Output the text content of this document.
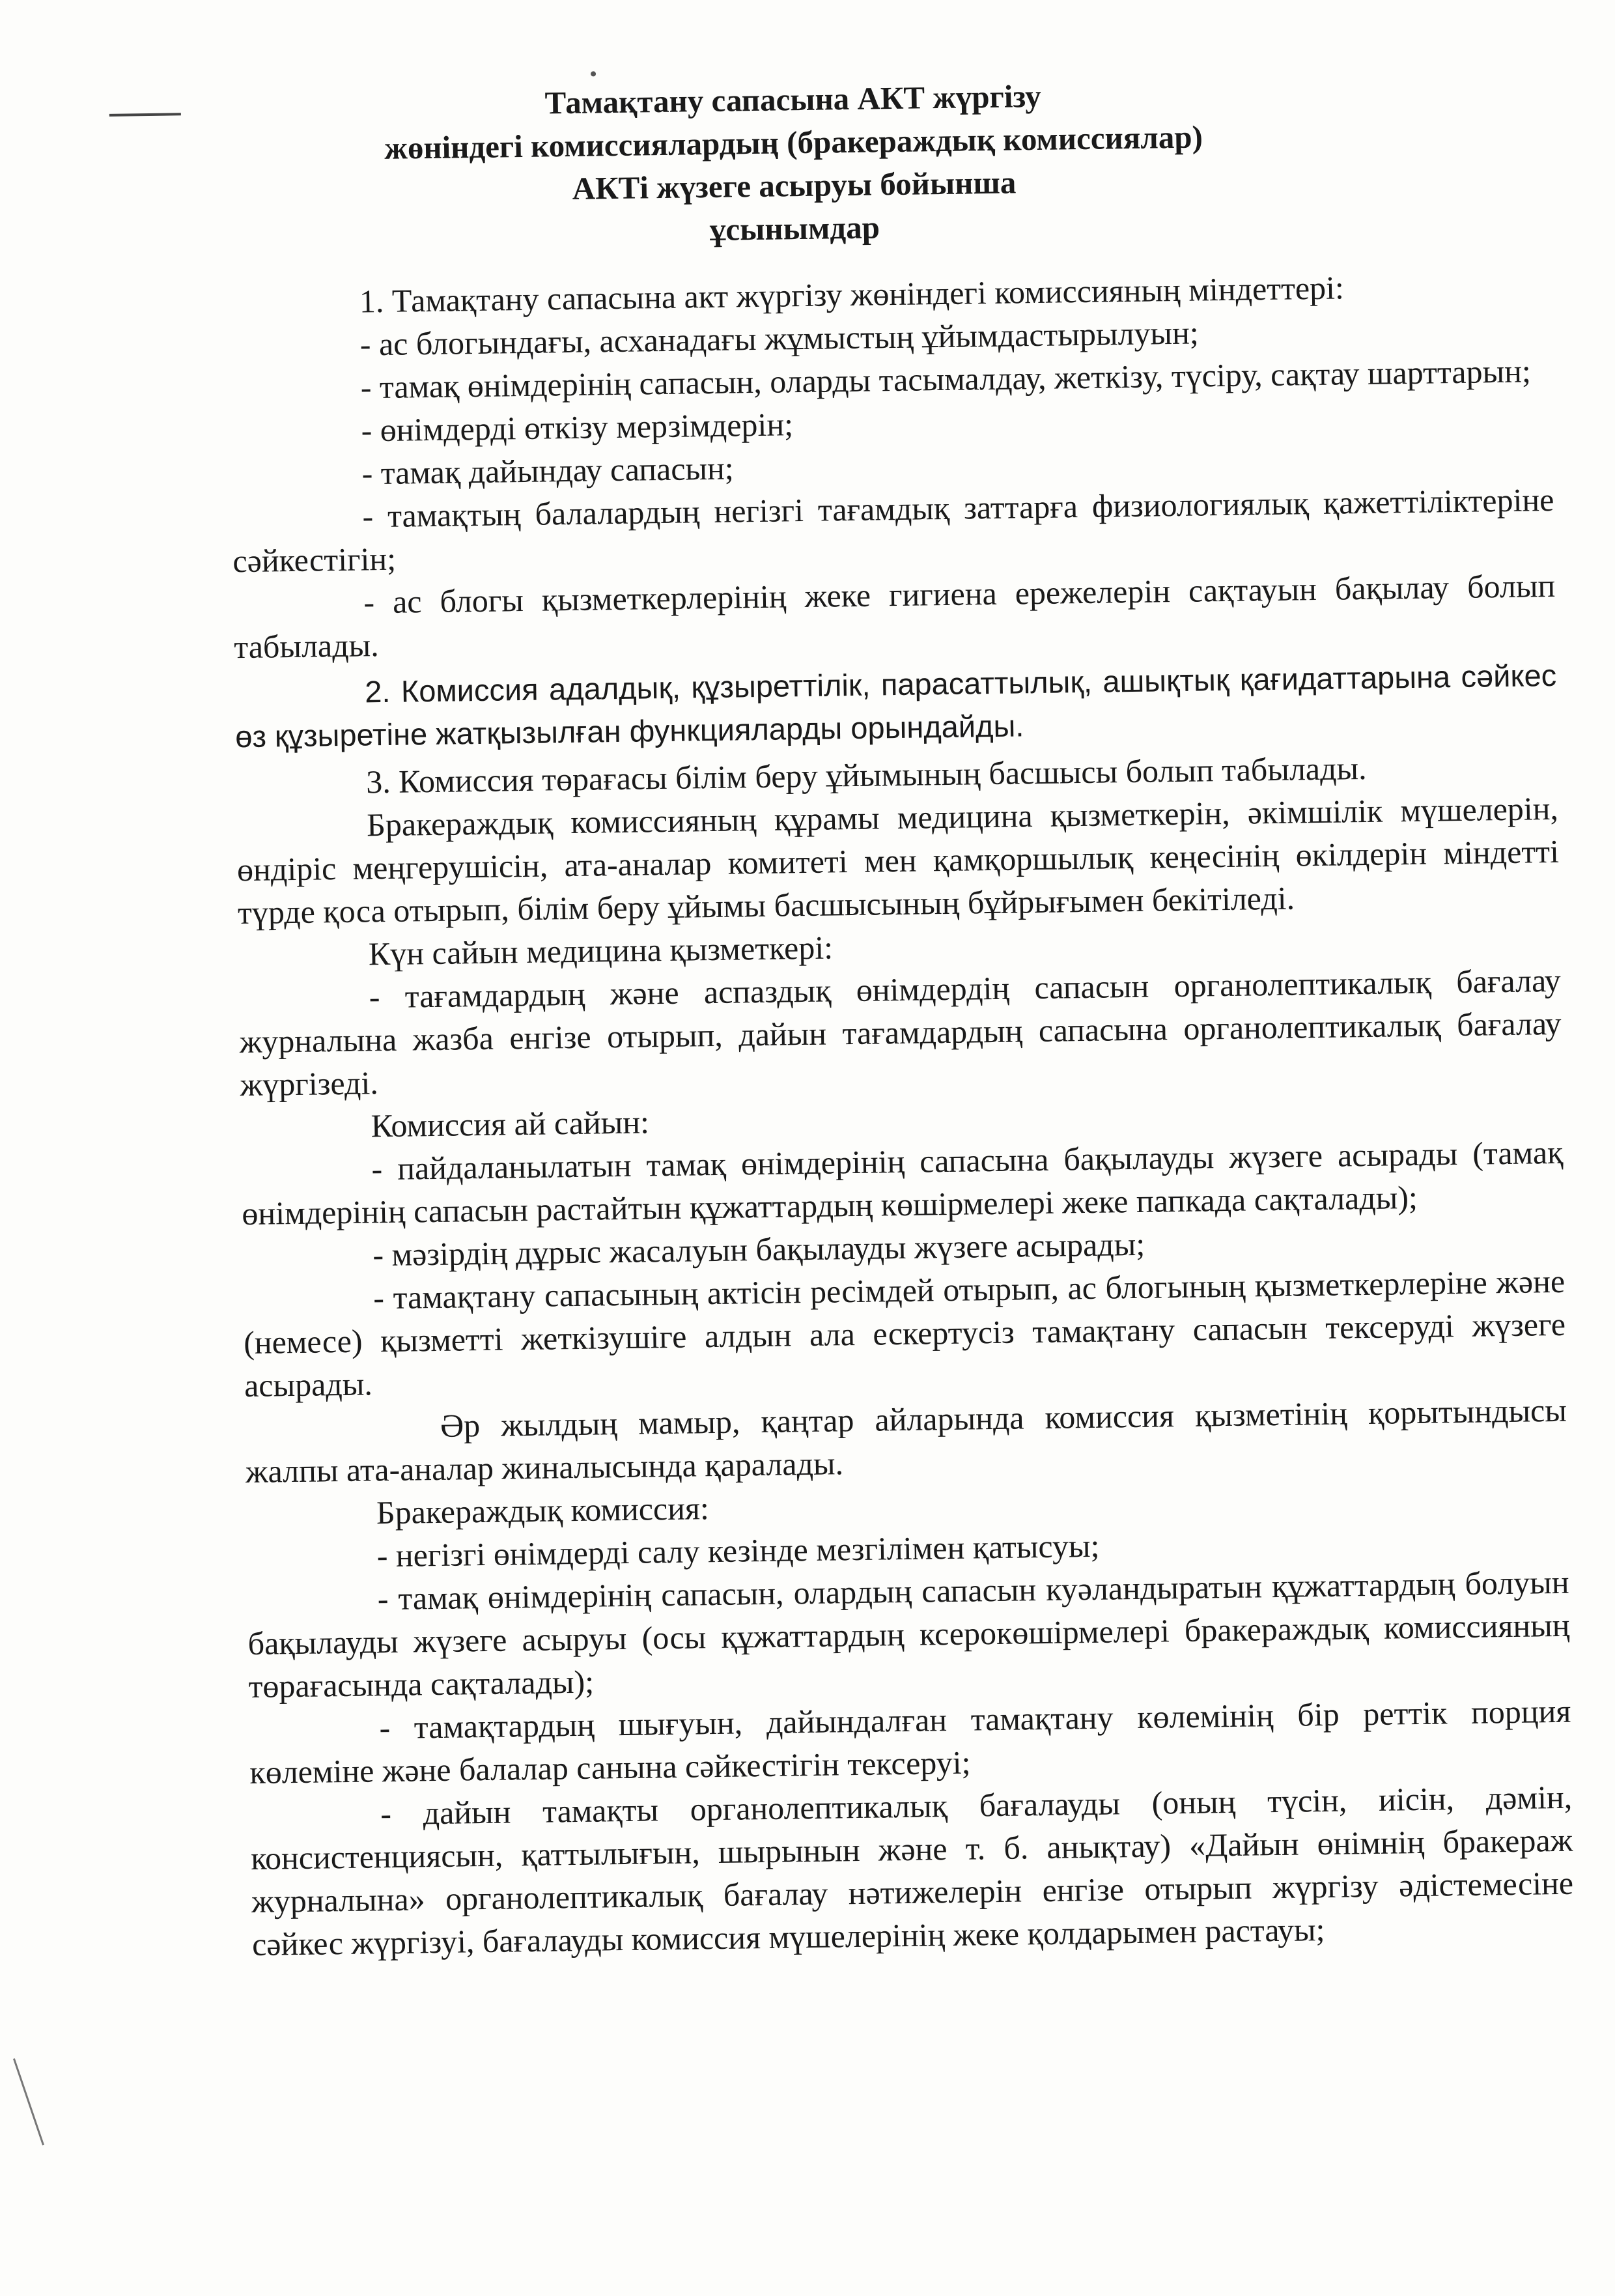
Тамақтану сапасына АКТ жүргізу
жөніндегі комиссиялардың (бракераждық комиссиялар)
АКТі жүзеге асыруы бойынша
ұсынымдар

1. Тамақтану сапасына акт жүргізу жөніндегі комиссияның міндеттері:

- ас блогындағы, асханадағы жұмыстың ұйымдастырылуын;

- тамақ өнімдерінің сапасын, оларды тасымалдау, жеткізу, түсіру, сақтау шарттарын;

- өнімдерді өткізу мерзімдерін;

- тамақ дайындау сапасын;

- тамақтың балалардың негізгі тағамдық заттарға физиологиялық қажеттіліктеріне сәйкестігін;

- ас блогы қызметкерлерінің жеке гигиена ережелерін сақтауын бақылау болып табылады.

2. Комиссия адалдық, құзыреттілік, парасаттылық, ашықтық қағидаттарына сәйкес өз құзыретіне жатқызылған функцияларды орындайды.

3. Комиссия төрағасы білім беру ұйымының басшысы болып табылады.

Бракераждық комиссияның құрамы медицина қызметкерін, әкімшілік мүшелерін, өндіріс меңгерушісін, ата-аналар комитеті мен қамқоршылық кеңесінің өкілдерін міндетті түрде қоса отырып, білім беру ұйымы басшысының бұйрығымен бекітіледі.

Күн сайын медицина қызметкері:

- тағамдардың және аспаздық өнімдердің сапасын органолептикалық бағалау журналына жазба енгізе отырып, дайын тағамдардың сапасына органолептикалық бағалау жүргізеді.

Комиссия ай сайын:

- пайдаланылатын тамақ өнімдерінің сапасына бақылауды жүзеге асырады (тамақ өнімдерінің сапасын растайтын құжаттардың көшірмелері жеке папкада сақталады);

- мәзірдің дұрыс жасалуын бақылауды жүзеге асырады;

- тамақтану сапасының актісін ресімдей отырып, ас блогының қызметкерлеріне және (немесе) қызметті жеткізушіге алдын ала ескертусіз тамақтану сапасын тексеруді жүзеге асырады.

Әр жылдың мамыр, қаңтар айларында комиссия қызметінің қорытындысы жалпы ата-аналар жиналысында қаралады.

Бракераждық комиссия:

- негізгі өнімдерді салу кезінде мезгілімен қатысуы;

- тамақ өнімдерінің сапасын, олардың сапасын куәландыратын құжаттардың болуын бақылауды жүзеге асыруы (осы құжаттардың ксерокөшірмелері бракераждық комиссияның төрағасында сақталады);

- тамақтардың шығуын, дайындалған тамақтану көлемінің бір реттік порция көлеміне және балалар санына сәйкестігін тексеруі;

- дайын тамақты органолептикалық бағалауды (оның түсін, иісін, дәмін, консистенциясын, қаттылығын, шырынын және т. б. анықтау) «Дайын өнімнің бракераж журналына» органолептикалық бағалау нәтижелерін енгізе отырып жүргізу әдістемесіне сәйкес жүргізуі, бағалауды комиссия мүшелерінің жеке қолдарымен растауы;
